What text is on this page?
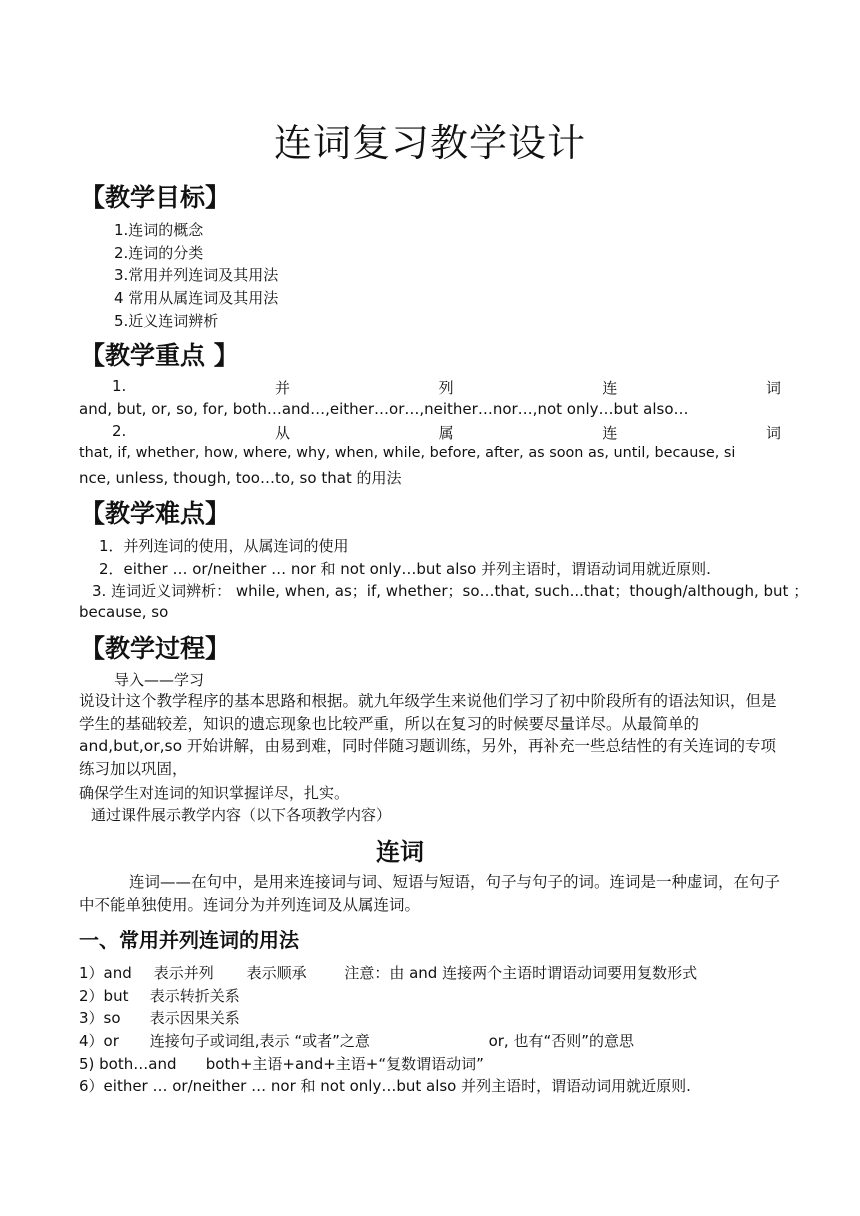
连词复习教学设计
【教学目标】
1.连词的概念
2.连词的分类
3.常用并列连词及其用法
4 常用从属连词及其用法
5.近义连词辨析
【教学重点 】
1.	并	列	连	词
and, but, or, so, for, both…and…,either…or…,neither…nor…,not only…but also…
2.	从	属	连	词
that, if, whether, how, where, why, when, while, before, after, as soon as, until, because, si
nce, unless, though, too…to, so that 的用法
【教学难点】
1．并列连词的使用，从属连词的使用
2．either … or/neither … nor 和 not only…but also 并列主语时，谓语动词用就近原则.
3. 连词近义词辨析： while, when, as；if, whether；so…that, such...that；though/although, but ；
because, so
【教学过程】
导入——学习
说设计这个教学程序的基本思路和根据。就九年级学生来说他们学习了初中阶段所有的语法知识，但是学生的基础较差，知识的遗忘现象也比较严重，所以在复习的时候要尽量详尽。从最简单的 and,but,or,so 开始讲解，由易到难，同时伴随习题训练，另外，再补充一些总结性的有关连词的专项练习加以巩固，
确保学生对连词的知识掌握详尽，扎实。
通过课件展示教学内容（以下各项教学内容）
连词
连词——在句中，是用来连接词与词、短语与短语，句子与句子的词。连词是一种虚词，在句子中不能单独使用。连词分为并列连词及从属连词。
一、常用并列连词的用法
1）and 表示并列 表示顺承	注意：由 and 连接两个主语时谓语动词要用复数形式
2）but 表示转折关系
3）so 表示因果关系
4）or 连接句子或词组,表示 “或者”之意	or, 也有“否则”的意思
5) both…and both+主语+and+主语+“复数谓语动词”
6）either … or/neither … nor 和 not only…but also 并列主语时，谓语动词用就近原则.
